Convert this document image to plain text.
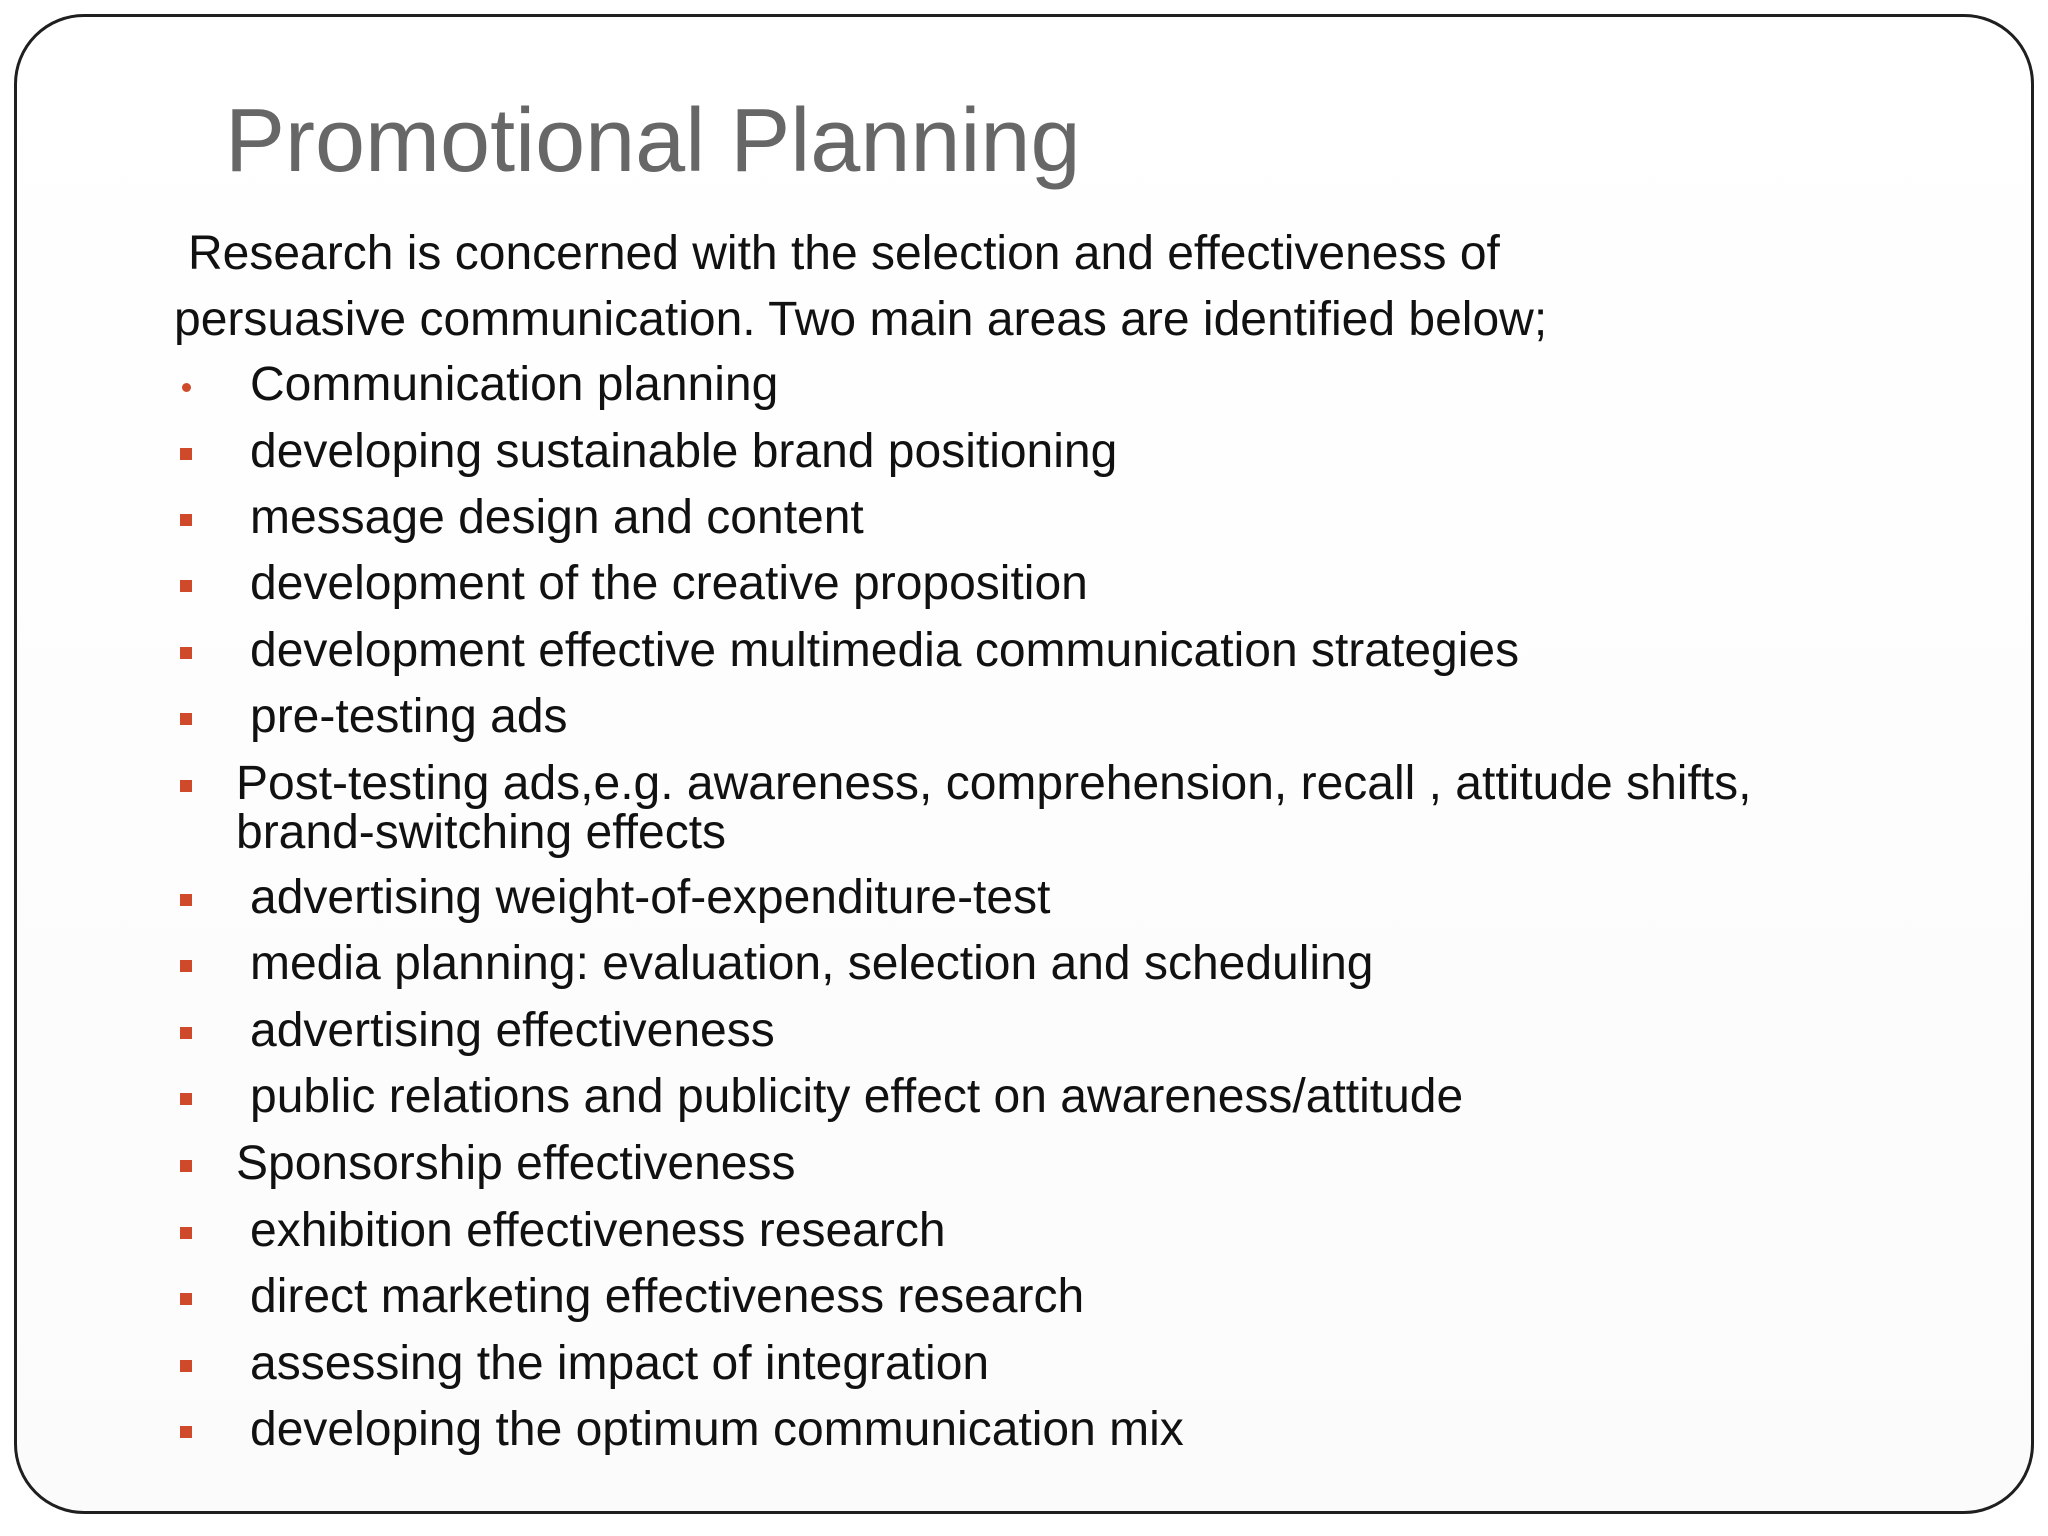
Promotional Planning
Research is concerned with the selection and effectiveness of
persuasive communication. Two main areas are identified below;
Communication planning
developing sustainable brand positioning
message design and content
development of the creative proposition
development effective multimedia communication strategies
pre-testing ads
Post-testing ads,e.g. awareness, comprehension, recall , attitude shifts,
brand-switching effects
advertising weight-of-expenditure-test
media planning: evaluation, selection and scheduling
advertising effectiveness
public relations and publicity effect on awareness/attitude
Sponsorship effectiveness
exhibition effectiveness research
direct marketing effectiveness research
assessing the impact of integration
developing the optimum communication mix
